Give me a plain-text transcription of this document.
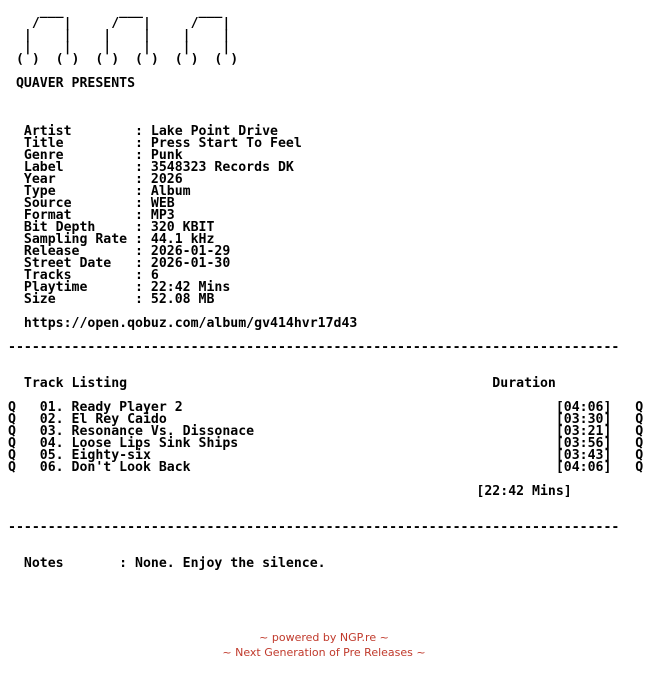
___       ___       ___
/   |     /   |     /   |
|    |    |    |    |    |
|    |    |    |    |    |
( )  ( )  ( )  ( )  ( )  ( )

QUAVER PRESENTS

Artist        : Lake Point Drive
Title         : Press Start To Feel
Genre         : Punk
Label         : 3548323 Records DK
Year          : 2026
Type          : Album
Source        : WEB
Format        : MP3
Bit Depth     : 320 KBIT
Sampling Rate : 44.1 kHz
Release       : 2026-01-29
Street Date   : 2026-01-30
Tracks        : 6
Playtime      : 22:42 Mins
Size          : 52.08 MB

https://open.qobuz.com/album/gv414hvr17d43

-----------------------------------------------------------------------------

Track Listing                                              Duration

Q   01. Ready Player 2                                               [04:06]   Q
Q   02. El Rey Caido                                                 [03:30]   Q
Q   03. Resonance Vs. Dissonace                                      [03:21]   Q
Q   04. Loose Lips Sink Ships                                        [03:56]   Q
Q   05. Eighty-six                                                   [03:43]   Q
Q   06. Don't Look Back                                              [04:06]   Q

[22:42 Mins]

-----------------------------------------------------------------------------

Notes       : None. Enjoy the silence.
~ powered by NGP.re ~
~ Next Generation of Pre Releases ~
